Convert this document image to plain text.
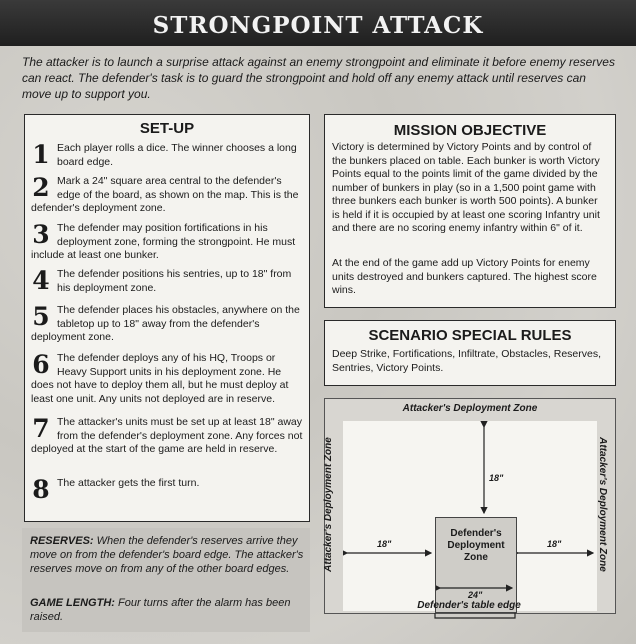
STRONGPOINT ATTACK
The attacker is to launch a surprise attack against an enemy strongpoint and eliminate it before enemy reserves can react. The defender's task is to guard the strongpoint and hold off any enemy attack until reserves can move up to support you.
SET-UP
1 Each player rolls a dice. The winner chooses a long board edge.
2 Mark a 24" square area central to the defender's edge of the board, as shown on the map. This is the defender's deployment zone.
3 The defender may position fortifications in his deployment zone, forming the strongpoint. He must include at least one bunker.
4 The defender positions his sentries, up to 18" from his deployment zone.
5 The defender places his obstacles, anywhere on the tabletop up to 18" away from the defender's deployment zone.
6 The defender deploys any of his HQ, Troops or Heavy Support units in his deployment zone. He does not have to deploy them all, but he must deploy at least one unit. Any units not deployed are in reserve.
7 The attacker's units must be set up at least 18" away from the defender's deployment zone. Any forces not deployed at the start of the game are held in reserve.
8 The attacker gets the first turn.

RESERVES: When the defender's reserves arrive they move on from the defender's board edge. The attacker's reserves move on from any of the other board edges.

GAME LENGTH: Four turns after the alarm has been raised.

MISSION OBJECTIVE
Victory is determined by Victory Points and by control of the bunkers placed on table. Each bunker is worth Victory Points equal to the points limit of the game divided by the number of bunkers in play (so in a 1,500 point game with three bunkers each bunker is worth 500 points). A bunker is held if it is occupied by at least one scoring Infantry unit and there are no scoring enemy infantry within 6" of it.
At the end of the game add up Victory Points for enemy units destroyed and bunkers captured. The highest score wins.
SCENARIO SPECIAL RULES
Deep Strike, Fortifications, Infiltrate, Obstacles, Reserves, Sentries, Victory Points.
Attacker's Deployment Zone
Attacker's Deployment Zone	Attacker's Deployment Zone
18"
18"	18"
Defender's Deployment Zone
24"
Defender's table edge
